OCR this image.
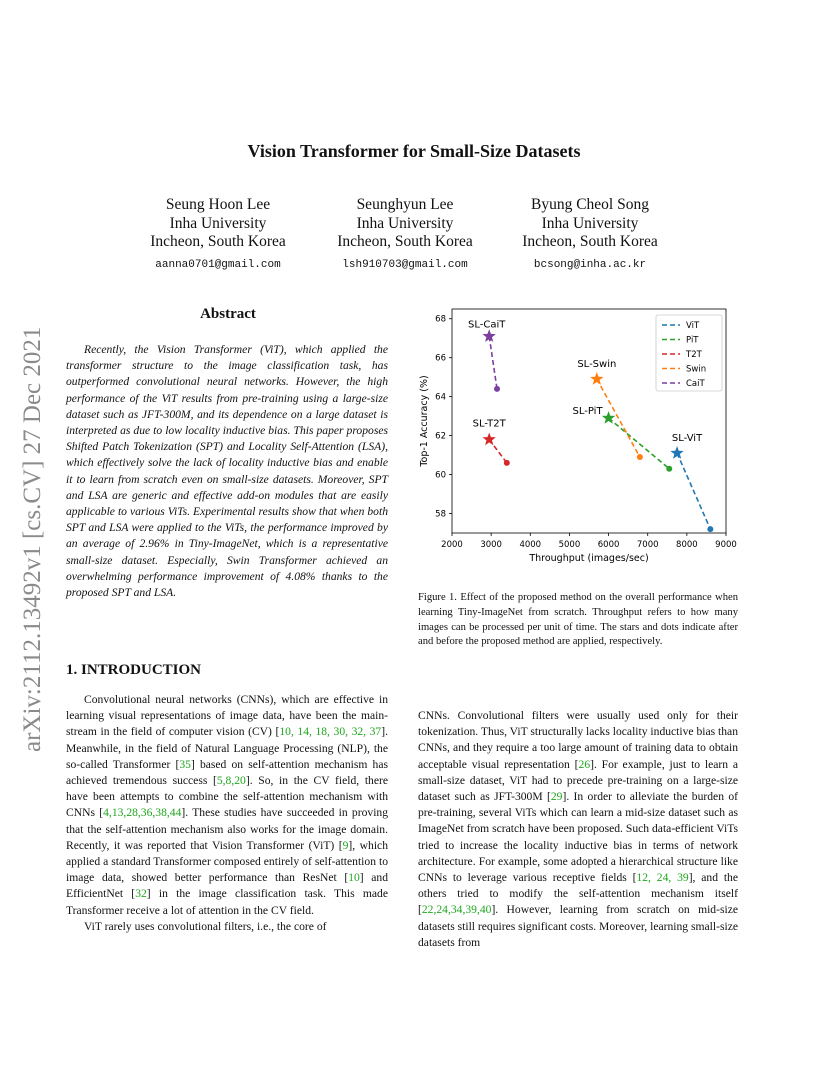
arXiv:2112.13492v1 [cs.CV] 27 Dec 2021
Vision Transformer for Small-Size Datasets
Seung Hoon Lee
Inha University
Incheon, South Korea
aanna0701@gmail.com
Seunghyun Lee
Inha University
Incheon, South Korea
lsh910703@gmail.com
Byung Cheol Song
Inha University
Incheon, South Korea
bcsong@inha.ac.kr
Abstract

Recently, the Vision Transformer (ViT), which applied the transformer structure to the image classification task, has outperformed convolutional neural networks. However, the high performance of the ViT results from pre-training using a large-size dataset such as JFT-300M, and its dependence on a large dataset is interpreted as due to low locality inductive bias. This paper proposes Shifted Patch Tokenization (SPT) and Locality Self-Attention (LSA), which effectively solve the lack of locality inductive bias and enable it to learn from scratch even on small-size datasets. Moreover, SPT and LSA are generic and effective add-on modules that are easily applicable to various ViTs. Experimental results show that when both SPT and LSA were applied to the ViTs, the performance improved by an average of 2.96% in Tiny-ImageNet, which is a representative small-size dataset. Especially, Swin Transformer achieved an overwhelming performance improvement of 4.08% thanks to the proposed SPT and LSA.

1. INTRODUCTION

Convolutional neural networks (CNNs), which are effective in learning visual representations of image data, have been the main-stream in the field of computer vision (CV) [10, 14, 18, 30, 32, 37]. Meanwhile, in the field of Natural Language Processing (NLP), the so-called Transformer [35] based on self-attention mechanism has achieved tremendous success [5,8,20]. So, in the CV field, there have been attempts to combine the self-attention mechanism with CNNs [4,13,28,36,38,44]. These studies have succeeded in proving that the self-attention mechanism also works for the image domain. Recently, it was reported that Vision Transformer (ViT) [9], which applied a standard Transformer composed entirely of self-attention to image data, showed better performance than ResNet [10] and EfficientNet [32] in the image classification task. This made Transformer receive a lot of attention in the CV field.

ViT rarely uses convolutional filters, i.e., the core of

CNNs. Convolutional filters were usually used only for their tokenization. Thus, ViT structurally lacks locality inductive bias than CNNs, and they require a too large amount of training data to obtain acceptable visual representation [26]. For example, just to learn a small-size dataset, ViT had to precede pre-training on a large-size dataset such as JFT-300M [29]. In order to alleviate the burden of pre-training, several ViTs which can learn a mid-size dataset such as ImageNet from scratch have been proposed. Such data-efficient ViTs tried to increase the locality inductive bias in terms of network architecture. For example, some adopted a hierarchical structure like CNNs to leverage various receptive fields [12, 24, 39], and the others tried to modify the self-attention mechanism itself [22,24,34,39,40]. However, learning from scratch on mid-size datasets still requires significant costs. Moreover, learning small-size datasets from

2000 3000 4000 5000 6000 7000 8000 9000
58
60
62
64
66
68
Throughput (images/sec)
Top-1 Accuracy (%)	SL-ViT
SL-PiT
SL-T2T
SL-Swin
SL-CaiT	ViT
PiT
T2T
Swin
CaiT
Figure 1. Effect of the proposed method on the overall performance when learning Tiny-ImageNet from scratch. Throughput refers to how many images can be processed per unit of time. The stars and dots indicate after and before the proposed method are applied, respectively.
